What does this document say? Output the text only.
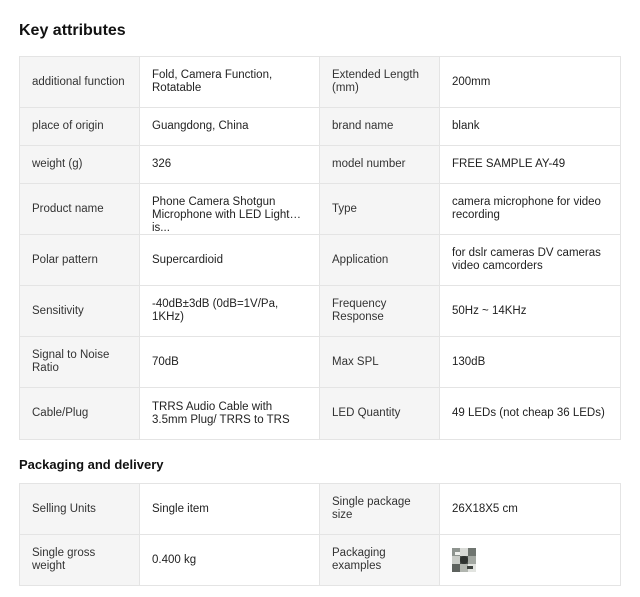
Key attributes
additional function	Fold, Camera Function, Rotatable	Extended Length (mm)	200mm

place of origin	Guangdong, China	brand name	blank

weight (g)	326	model number	FREE SAMPLE AY-49

Product name	Phone Camera Shotgun Microphone with LED Light is...	Type	camera microphone for video recording

Polar pattern	Supercardioid	Application	for dslr cameras DV cameras video camcorders

Sensitivity	-40dB±3dB (0dB=1V/Pa, 1KHz)	Frequency Response	50Hz ~ 14KHz

Signal to Noise Ratio	70dB	Max SPL	130dB

Cable/Plug	TRRS Audio Cable with 3.5mm Plug/ TRRS to TRS	LED Quantity	49 LEDs (not cheap 36 LEDs)
Packaging and delivery
Selling Units	Single item	Single package size	26X18X5 cm

Single gross weight	0.400 kg	Packaging examples
